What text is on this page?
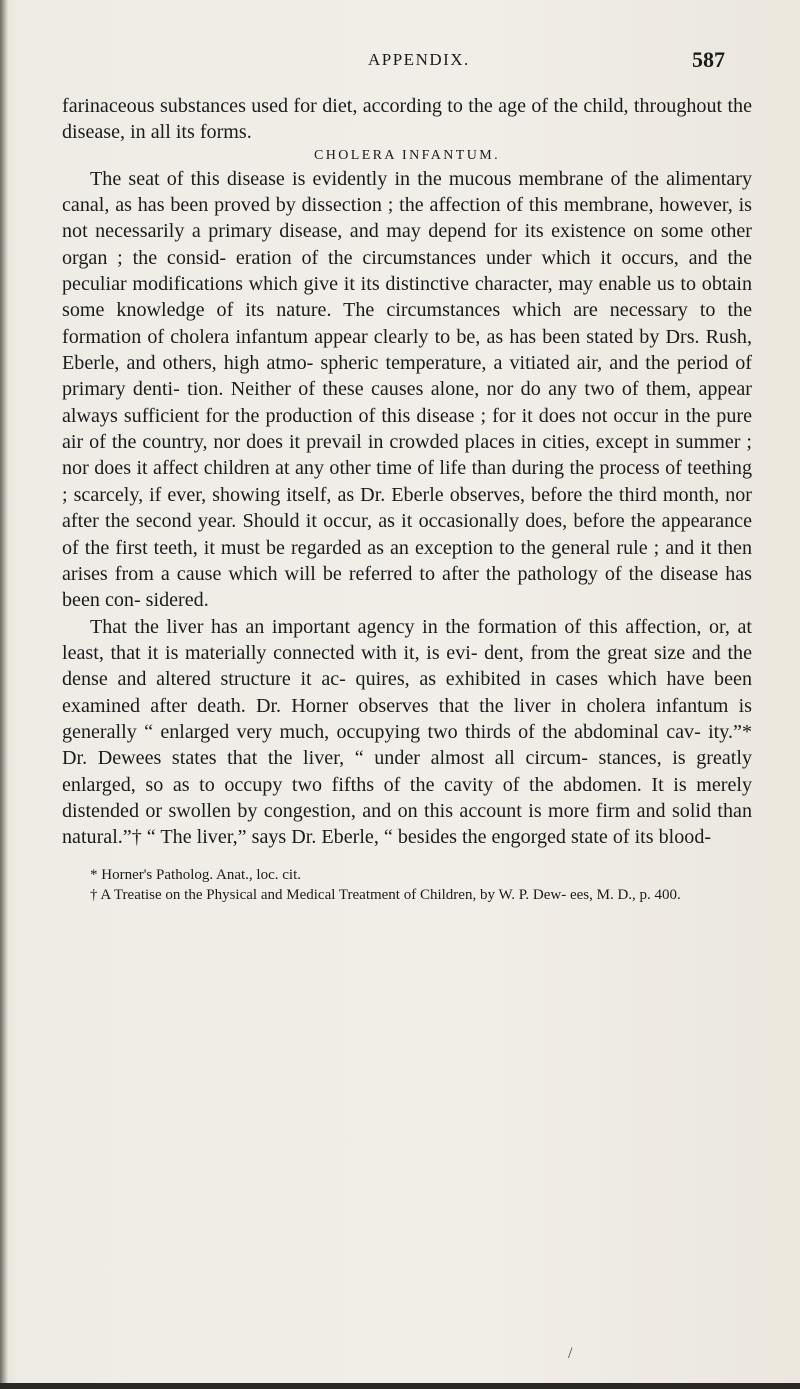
APPENDIX.	587

farinaceous substances used for diet, according to the age of the child, throughout the disease, in all its forms.

CHOLERA INFANTUM.

The seat of this disease is evidently in the mucous membrane of the alimentary canal, as has been proved by dissection ; the affection of this membrane, however, is not necessarily a primary disease, and may depend for its existence on some other organ ; the consid- eration of the circumstances under which it occurs, and the peculiar modifications which give it its distinctive character, may enable us to obtain some knowledge of its nature. The circumstances which are necessary to the formation of cholera infantum appear clearly to be, as has been stated by Drs. Rush, Eberle, and others, high atmo- spheric temperature, a vitiated air, and the period of primary denti- tion. Neither of these causes alone, nor do any two of them, appear always sufficient for the production of this disease ; for it does not occur in the pure air of the country, nor does it prevail in crowded places in cities, except in summer ; nor does it affect children at any other time of life than during the process of teething ; scarcely, if ever, showing itself, as Dr. Eberle observes, before the third month, nor after the second year. Should it occur, as it occasionally does, before the appearance of the first teeth, it must be regarded as an exception to the general rule ; and it then arises from a cause which will be referred to after the pathology of the disease has been con- sidered.

That the liver has an important agency in the formation of this affection, or, at least, that it is materially connected with it, is evi- dent, from the great size and the dense and altered structure it ac- quires, as exhibited in cases which have been examined after death. Dr. Horner observes that the liver in cholera infantum is generally “ enlarged very much, occupying two thirds of the abdominal cav- ity.”* Dr. Dewees states that the liver, “ under almost all circum- stances, is greatly enlarged, so as to occupy two fifths of the cavity of the abdomen. It is merely distended or swollen by congestion, and on this account is more firm and solid than natural.”† “ The liver,” says Dr. Eberle, “ besides the engorged state of its blood-

* Horner's Patholog. Anat., loc. cit.

† A Treatise on the Physical and Medical Treatment of Children, by W. P. Dew- ees, M. D., p. 400.

/
